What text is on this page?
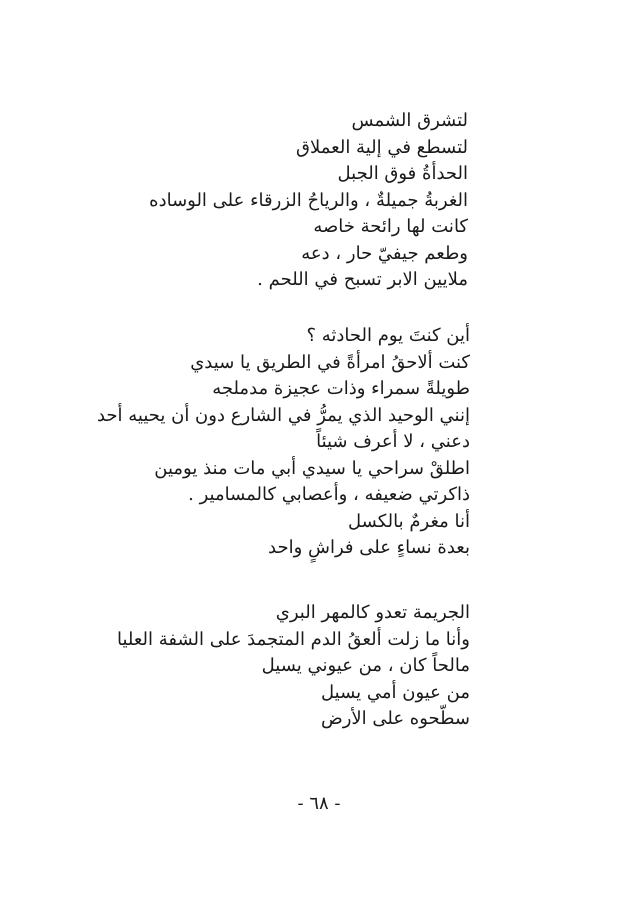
لتشرق الشمس
لتسطع في إلية العملاق
الحدأةُ فوق الجبل
الغربةُ جميلةٌ ، والرياحُ الزرقاء على الوساده
كانت لها رائحة خاصه
وطعم جيفيّ حار ، دعه
ملايين الابر تسبح في اللحم .
أين كنتَ يوم الحادثه ؟
كنت ألاحقُ امرأةً في الطريق يا سيدي
طويلةً سمراء وذات عجيزة مدملجه
إنني الوحيد الذي يمرُّ في الشارع دون أن يحييه أحد
دعني ، لا أعرف شيئاً
اطلقْ سراحي يا سيدي أبي مات منذ يومين
ذاكرتي ضعيفه ، وأعصابي كالمسامير .
أنا مغرمٌ بالكسل
بعدة نساءٍ على فراشٍ واحد
الجريمة تعدو كالمهر البري
وأنا ما زلت ألعقُ الدم المتجمدَ على الشفة العليا
مالحاً كان ، من عيوني يسيل
من عيون أمي يسيل
سطّحوه على الأرض
- ٦٨ -
